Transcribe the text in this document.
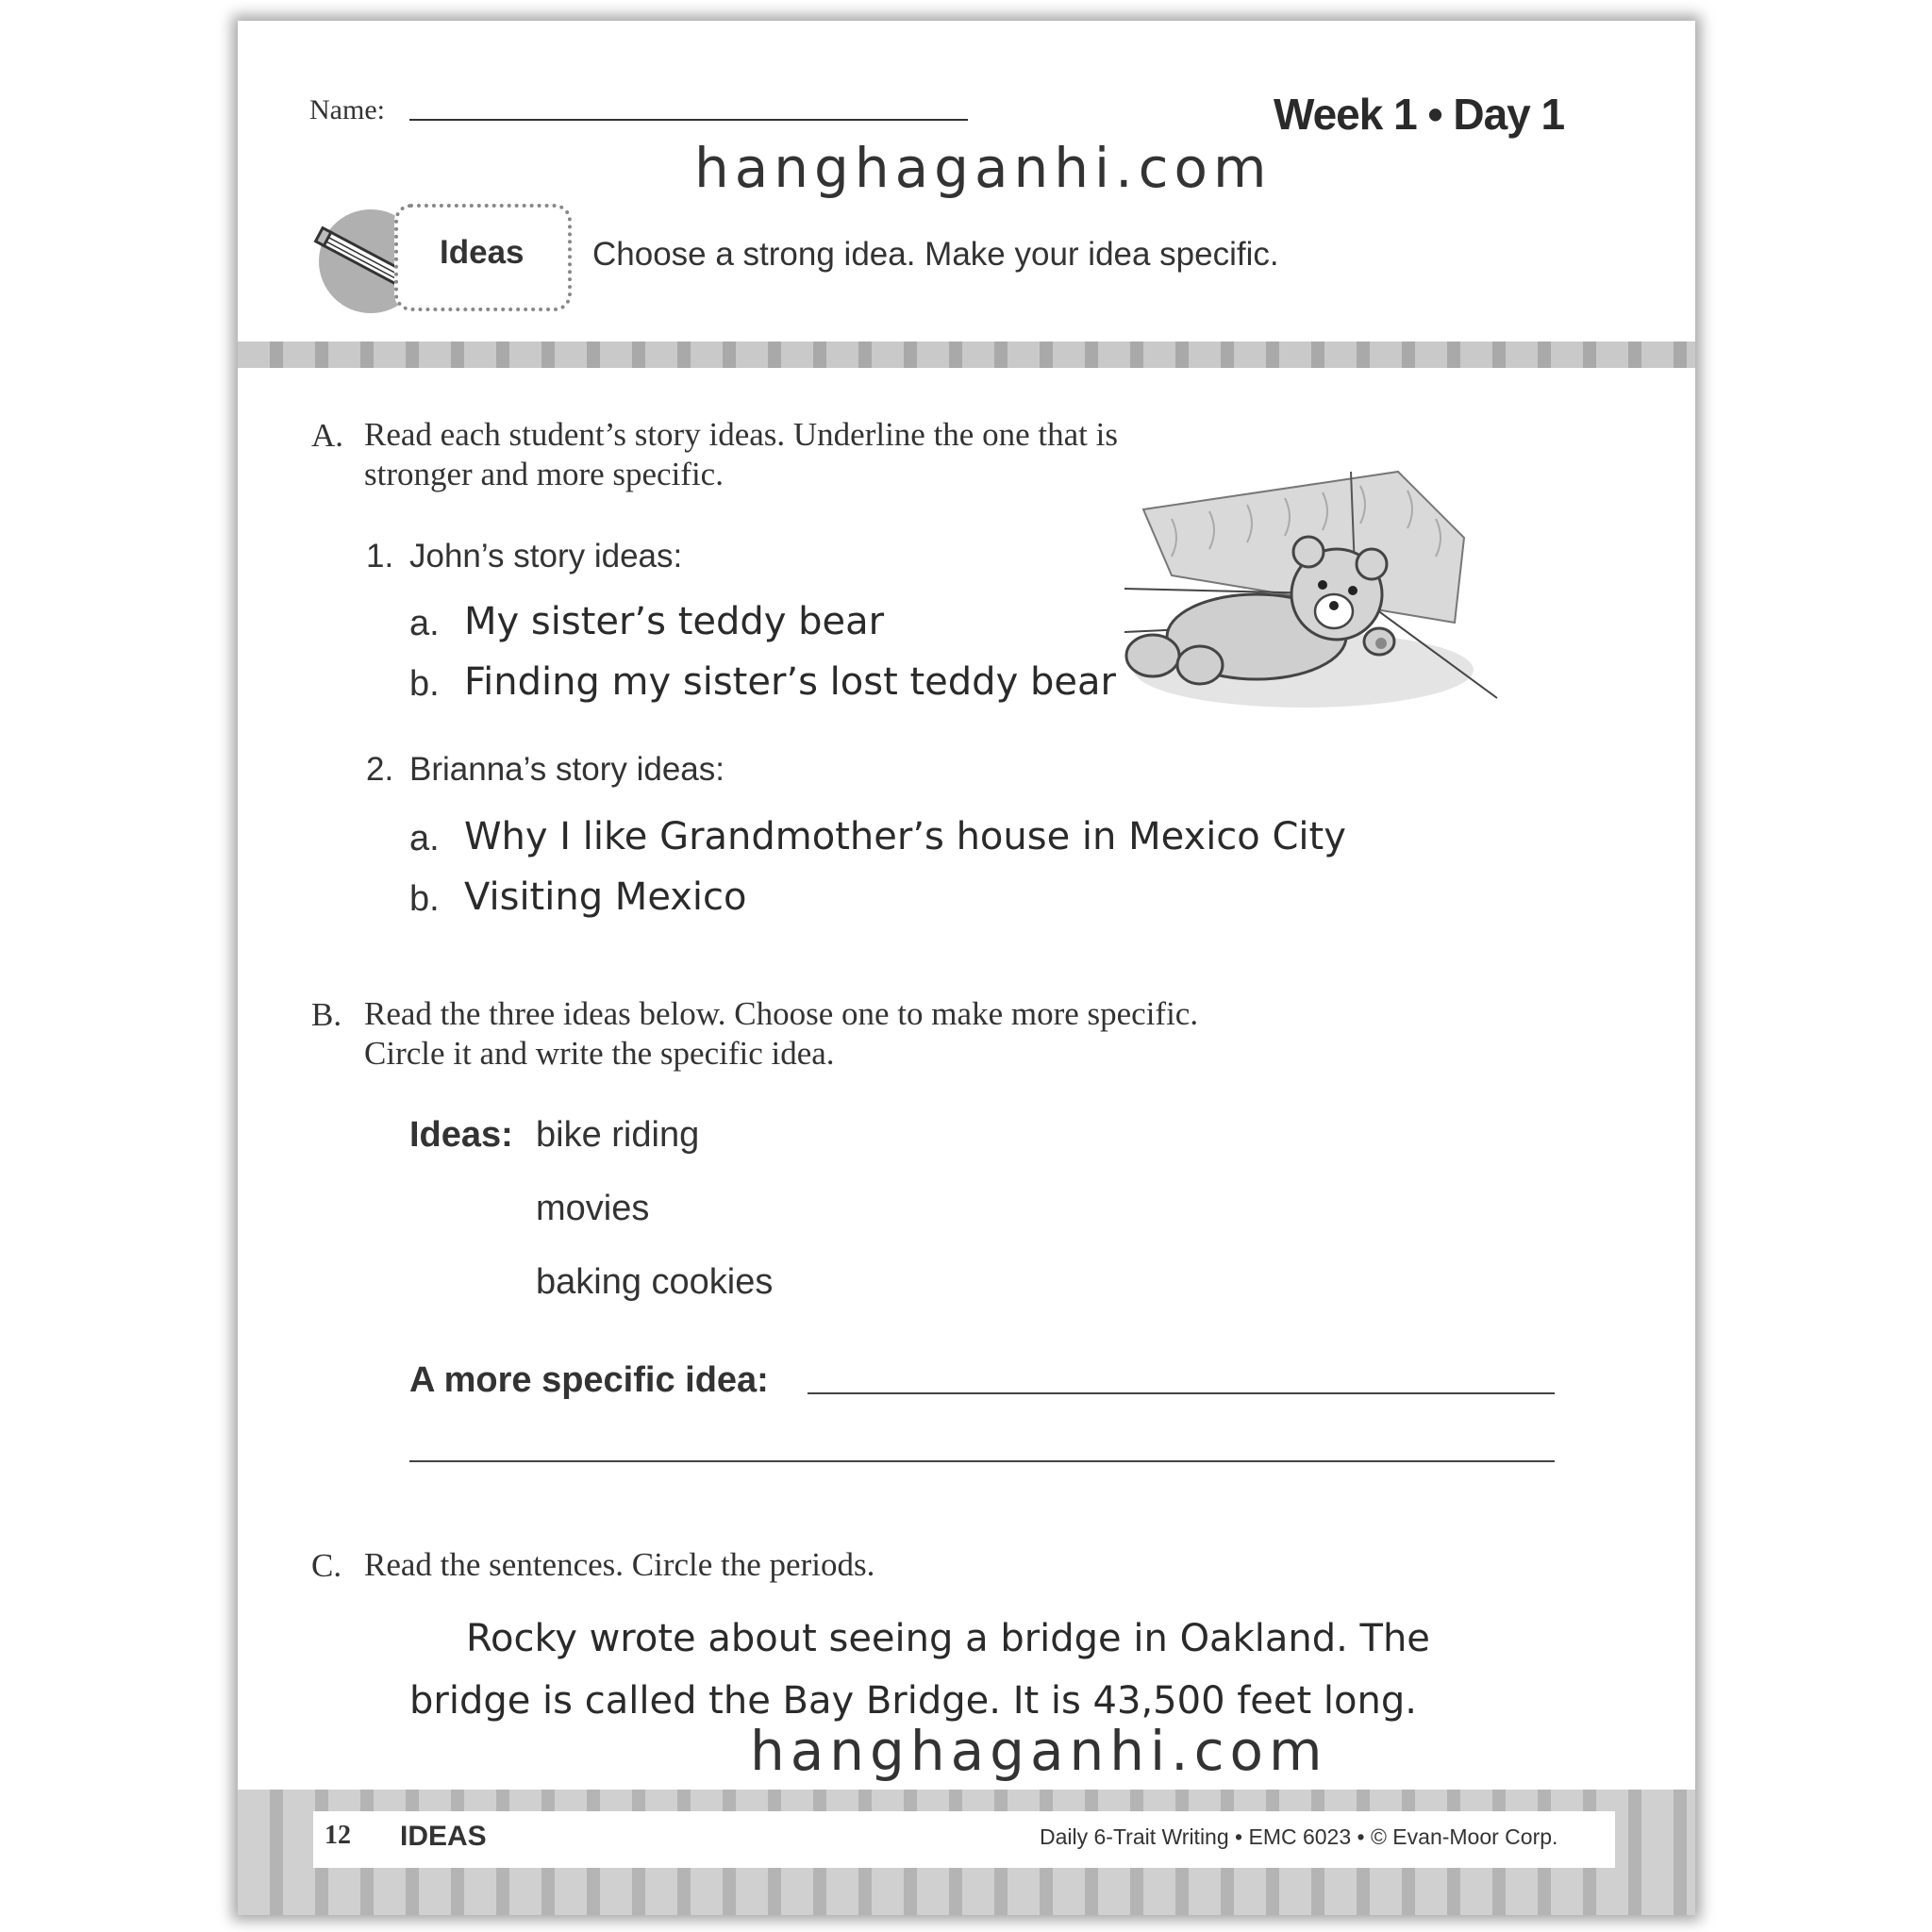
Name:	Week 1 • Day 1
hanghaganhi.com
Ideas Choose a strong idea. Make your idea specific.
A. Read each student’s story ideas. Underline the one that is
stronger and more specific.
1. John’s story ideas:
a. My sister’s teddy bear
b. Finding my sister’s lost teddy bear
2. Brianna’s story ideas:
a. Why I like Grandmother’s house in Mexico City
b. Visiting Mexico
B. Read the three ideas below. Choose one to make more specific.
Circle it and write the specific idea.
Ideas: bike riding
movies
baking cookies
A more specific idea:
C. Read the sentences. Circle the periods.
Rocky wrote about seeing a bridge in Oakland. The
bridge is called the Bay Bridge. It is 43,500 feet long.
12 IDEAS	Daily 6-Trait Writing • EMC 6023 • © Evan-Moor Corp.
hanghaganhi.com
